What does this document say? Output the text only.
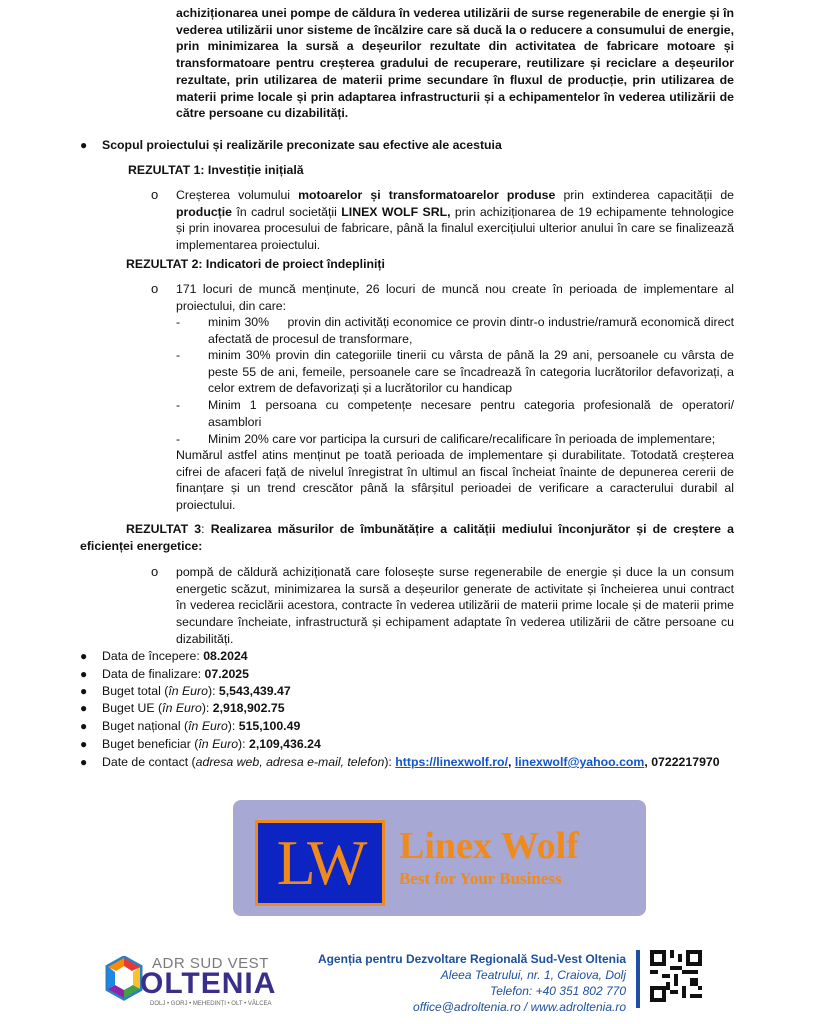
achiziționarea unei pompe de căldura în vederea utilizării de surse regenerabile de energie și în vederea utilizării unor sisteme de încălzire care să ducă la o reducere a consumului de energie, prin minimizarea la sursă a deșeurilor rezultate din activitatea de fabricare motoare și transformatoare pentru creșterea gradului de recuperare, reutilizare și reciclare a deșeurilor rezultate, prin utilizarea de materii prime secundare în fluxul de producție, prin utilizarea de materii prime locale și prin adaptarea infrastructurii și a echipamentelor în vederea utilizării de către persoane cu dizabilități.
● Scopul proiectului și realizările preconizate sau efective ale acestuia
REZULTAT 1: Investiție inițială
o Creșterea volumului motoarelor și transformatoarelor produse prin extinderea capacității de producție în cadrul societății LINEX WOLF SRL, prin achiziționarea de 19 echipamente tehnologice și prin inovarea procesului de fabricare, până la finalul exercițiului ulterior anului în care se finalizează implementarea proiectului.
REZULTAT 2: Indicatori de proiect îndepliniți
o 171 locuri de muncă menținute, 26 locuri de muncă nou create în perioada de implementare al proiectului, din care:
- minim 30%     provin din activități economice ce provin dintr-o industrie/ramură economică direct afectată de procesul de transformare,
- minim 30% provin din categoriile tinerii cu vârsta de până la 29 ani, persoanele cu vârsta de peste 55 de ani, femeile, persoanele care se încadrează în categoria lucrătorilor defavorizați, a celor extrem de defavorizați și a lucrătorilor cu handicap
- Minim 1 persoana cu competențe necesare pentru categoria profesională de operatori/ asamblori
- Minim 20% care vor participa la cursuri de calificare/recalificare în perioada de implementare;
Numărul astfel atins menținut pe toată perioada de implementare și durabilitate. Totodată creșterea cifrei de afaceri față de nivelul înregistrat în ultimul an fiscal încheiat înainte de depunerea cererii de finanțare și un trend crescător până la sfârșitul perioadei de verificare a caracterului durabil al proiectului.
REZULTAT 3: Realizarea măsurilor de îmbunătățire a calității mediului înconjurător și de creștere a eficienței energetice:
o pompă de căldură achiziționată care folosește surse regenerabile de energie și duce la un consum energetic scăzut, minimizarea la sursă a deșeurilor generate de activitate și încheierea unui contract în vederea reciclării acestora, contracte în vederea utilizării de materii prime locale și de materii prime secundare încheiate, infrastructură și echipament adaptate în vederea utilizării de către persoane cu dizabilități.
● Data de începere: 08.2024
● Data de finalizare: 07.2025
● Buget total (în Euro): 5,543,439.47
● Buget UE (în Euro): 2,918,902.75
● Buget național (în Euro): 515,100.49
● Buget beneficiar (în Euro): 2,109,436.24
● Date de contact (adresa web, adresa e-mail, telefon): https://linexwolf.ro/, linexwolf@yahoo.com, 0722217970
LW Linex Wolf
Best for Your Business
ADR SUD VEST
OLTENIA
DOLJ • GORJ • MEHEDINȚI • OLT • VÂLCEA
Agenția pentru Dezvoltare Regională Sud-Vest Oltenia
Aleea Teatrului, nr. 1, Craiova, Dolj
Telefon: +40 351 802 770
office@adroltenia.ro / www.adroltenia.ro
